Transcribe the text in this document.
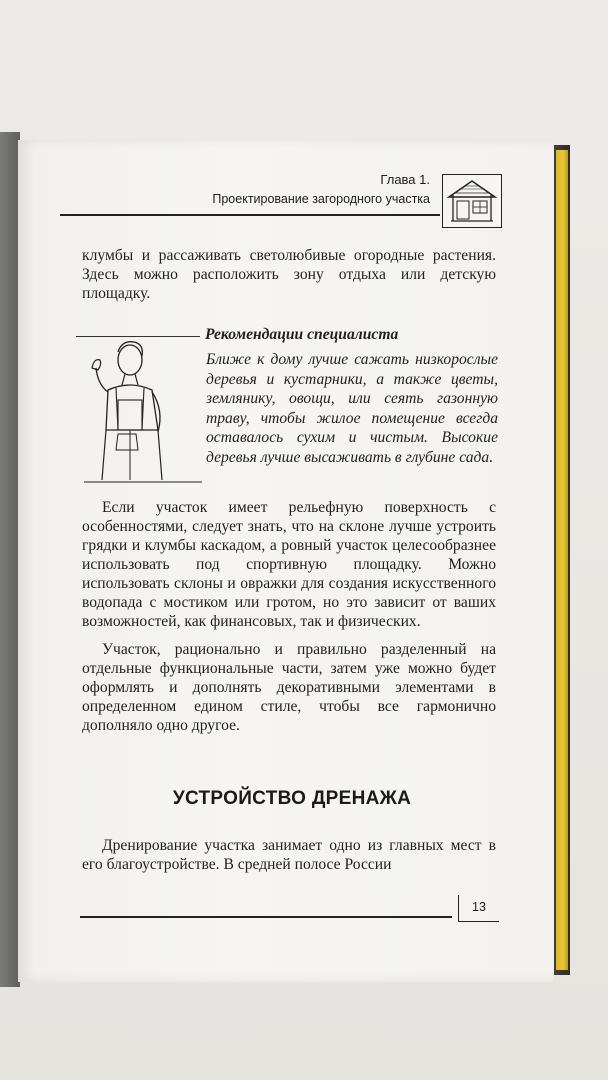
Глава 1.
Проектирование загородного участка
клумбы и рассаживать светолюбивые огородные растения. Здесь можно расположить зону отдыха или детскую площадку.
Рекомендации специалиста
Ближе к дому лучше сажать низкорослые деревья и кустарники, а также цветы, землянику, овощи, или сеять газонную траву, чтобы жилое помещение всегда оставалось сухим и чистым. Высокие деревья лучше высаживать в глубине сада.
Если участок имеет рельефную поверхность с особенностями, следует знать, что на склоне лучше устроить грядки и клумбы каскадом, а ровный участок целесообразнее использовать под спортивную площадку. Можно использовать склоны и овражки для создания искусственного водопада с мостиком или гротом, но это зависит от ваших возможностей, как финансовых, так и физических.
Участок, рационально и правильно разделенный на отдельные функциональные части, затем уже можно будет оформлять и дополнять декоративными элементами в определенном едином стиле, чтобы все гармонично дополняло одно другое.
УСТРОЙСТВО ДРЕНАЖА
Дренирование участка занимает одно из главных мест в его благоустройстве. В средней полосе России
13
